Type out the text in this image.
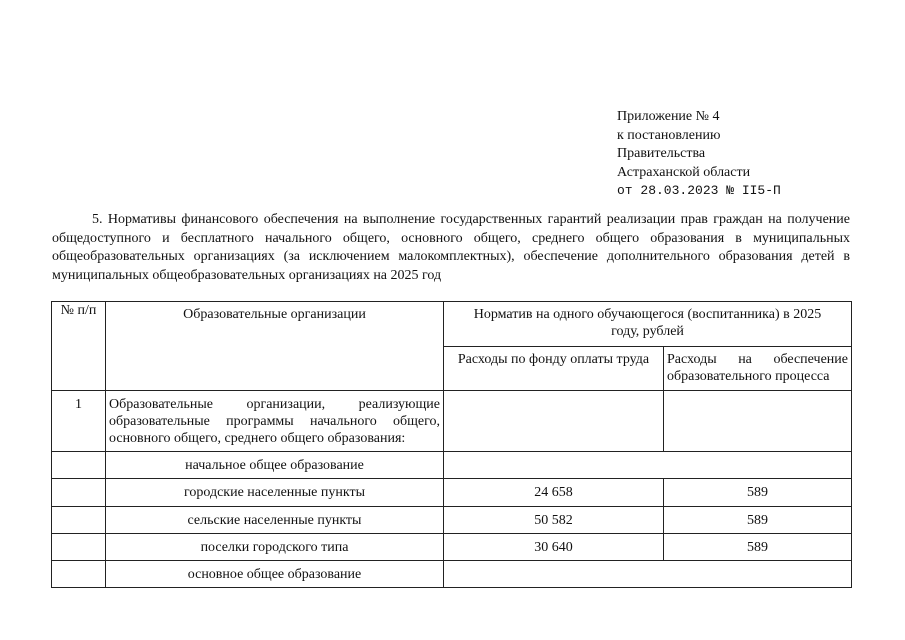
Приложение № 4
к постановлению
Правительства
Астраханской области
от 28.03.2023 № II5-П
5. Нормативы финансового обеспечения на выполнение государственных гарантий реализации прав граждан на получение общедоступного и бесплатного начального общего, основного общего, среднего общего образования в муниципальных общеобразовательных организациях (за исключением малокомплектных), обеспечение дополнительного образования детей в муниципальных общеобразовательных организациях на 2025 год
№ п/п	Образовательные организации	Норматив на одного обучающегося (воспитанника) в 2025 году, рублей	
		Расходы по фонду оплаты труда	Расходы на обеспечение
образовательного процесса

1	Образовательные организации, реализующие образовательные программы начального общего, основного общего, среднего общего образования:		
	начальное общее образование		
	городские населенные пункты	24 658	589
	сельские населенные пункты	50 582	589
	поселки городского типа	30 640	589
	основное общее образование		
